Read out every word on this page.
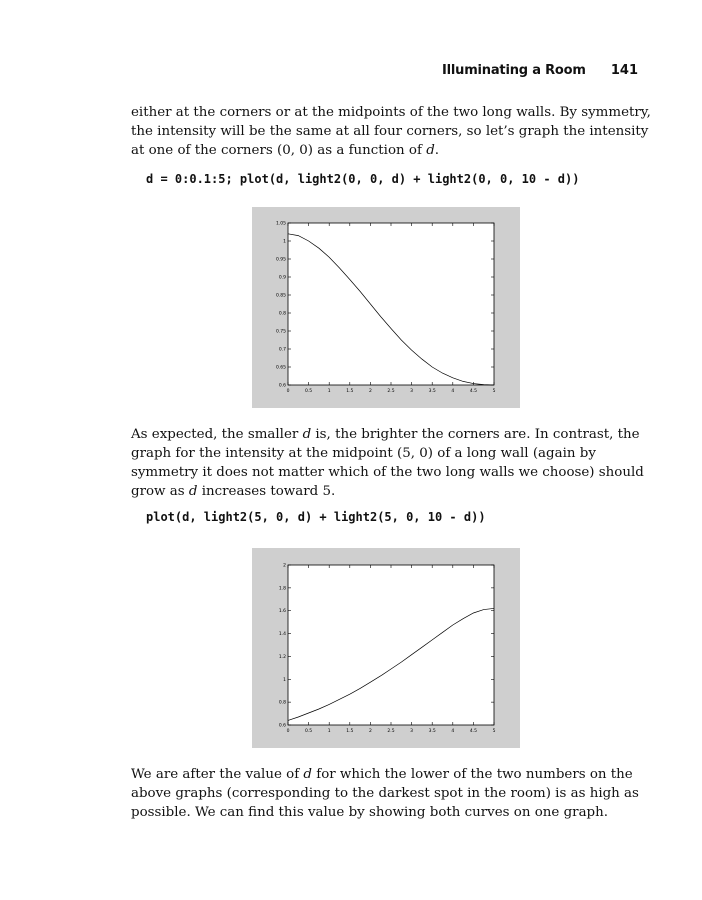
Illuminating a Room 141

either at the corners or at the midpoints of the two long walls. By symmetry,
the intensity will be the same at all four corners, so let’s graph the intensity
at one of the corners (0, 0) as a function of d.

d = 0:0.1:5; plot(d, light2(0, 0, d) + light2(0, 0, 10 - d))
0	0.5	1	1.5	2	2.5	3	3.5	4	4.5	5
0.6
0.65
0.7
0.75
0.8
0.85
0.9
0.95
1
1.05

As expected, the smaller d is, the brighter the corners are. In contrast, the
graph for the intensity at the midpoint (5, 0) of a long wall (again by
symmetry it does not matter which of the two long walls we choose) should
grow as d increases toward 5.

plot(d, light2(5, 0, d) + light2(5, 0, 10 - d))
0	0.5	1	1.5	2	2.5	3	3.5	4	4.5	5
0.6
0.8
1
1.2
1.4
1.6
1.8
2

We are after the value of d for which the lower of the two numbers on the
above graphs (corresponding to the darkest spot in the room) is as high as
possible. We can find this value by showing both curves on one graph.
